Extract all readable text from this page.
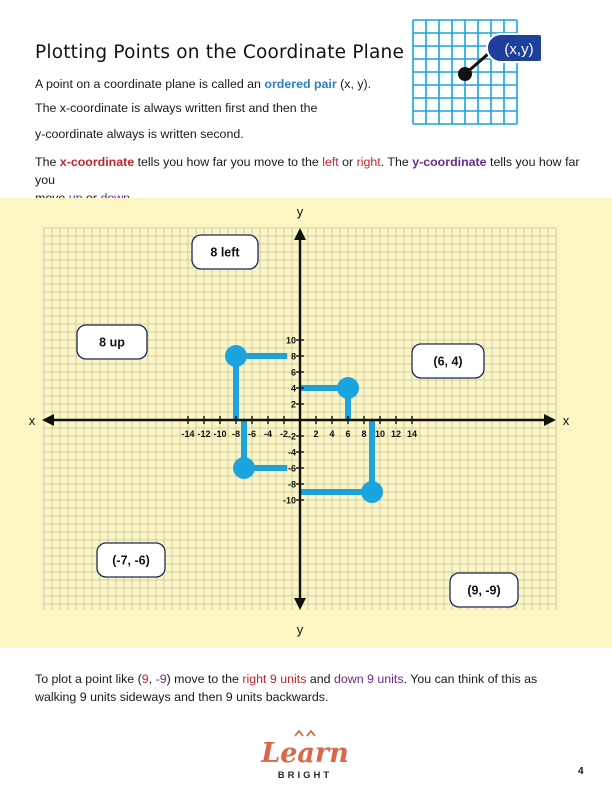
Plotting Points on the Coordinate Plane	(x,y)
A point on a coordinate plane is called an ordered pair (x, y).
The x-coordinate is always written first and then the
y-coordinate always is written second.
The x-coordinate tells you how far you move to the left or right. The y-coordinate tells you how far you

-14 -12 -10 -8 -6 -4 -2	2 4 6 8 10 12 14
10
8
6
4
2
-2
-4
-6
-8
-10
x	x
y
y
8 left
8 up
(6, 4)
(-7, -6)
(9, -9)
To plot a point like (9, -9) move to the right 9 units and down 9 units. You can think of this as walking 9 units sideways and then 9 units backwards.
Learn
BRIGHT	4
